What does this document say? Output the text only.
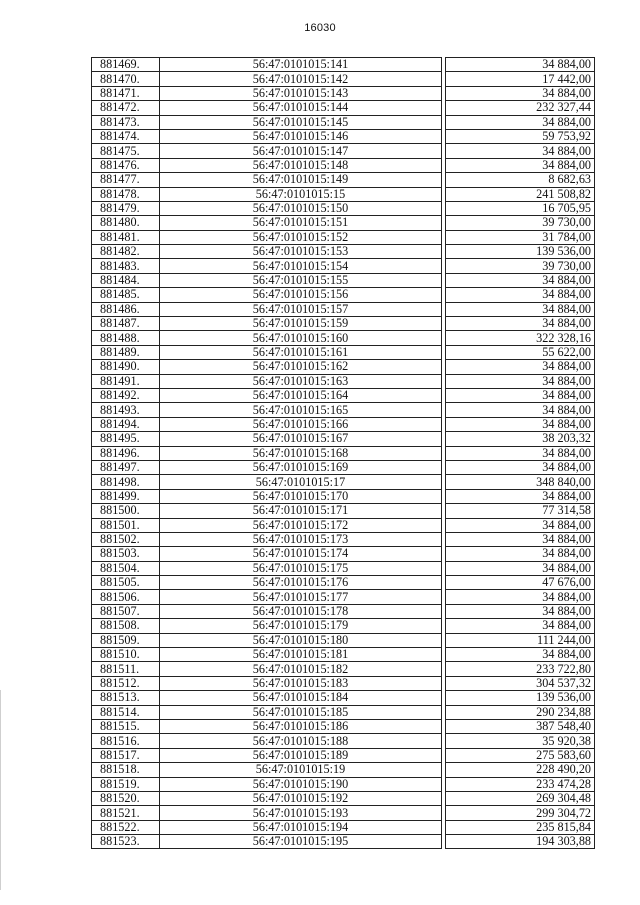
16030
881469.	56:47:0101015:141		34 884,00
881470.	56:47:0101015:142		17 442,00
881471.	56:47:0101015:143		34 884,00
881472.	56:47:0101015:144		232 327,44
881473.	56:47:0101015:145		34 884,00
881474.	56:47:0101015:146		59 753,92
881475.	56:47:0101015:147		34 884,00
881476.	56:47:0101015:148		34 884,00
881477.	56:47:0101015:149		8 682,63
881478.	56:47:0101015:15		241 508,82
881479.	56:47:0101015:150		16 705,95
881480.	56:47:0101015:151		39 730,00
881481.	56:47:0101015:152		31 784,00
881482.	56:47:0101015:153		139 536,00
881483.	56:47:0101015:154		39 730,00
881484.	56:47:0101015:155		34 884,00
881485.	56:47:0101015:156		34 884,00
881486.	56:47:0101015:157		34 884,00
881487.	56:47:0101015:159		34 884,00
881488.	56:47:0101015:160		322 328,16
881489.	56:47:0101015:161		55 622,00
881490.	56:47:0101015:162		34 884,00
881491.	56:47:0101015:163		34 884,00
881492.	56:47:0101015:164		34 884,00
881493.	56:47:0101015:165		34 884,00
881494.	56:47:0101015:166		34 884,00
881495.	56:47:0101015:167		38 203,32
881496.	56:47:0101015:168		34 884,00
881497.	56:47:0101015:169		34 884,00
881498.	56:47:0101015:17		348 840,00
881499.	56:47:0101015:170		34 884,00
881500.	56:47:0101015:171		77 314,58
881501.	56:47:0101015:172		34 884,00
881502.	56:47:0101015:173		34 884,00
881503.	56:47:0101015:174		34 884,00
881504.	56:47:0101015:175		34 884,00
881505.	56:47:0101015:176		47 676,00
881506.	56:47:0101015:177		34 884,00
881507.	56:47:0101015:178		34 884,00
881508.	56:47:0101015:179		34 884,00
881509.	56:47:0101015:180		111 244,00
881510.	56:47:0101015:181		34 884,00
881511.	56:47:0101015:182		233 722,80
881512.	56:47:0101015:183		304 537,32
881513.	56:47:0101015:184		139 536,00
881514.	56:47:0101015:185		290 234,88
881515.	56:47:0101015:186		387 548,40
881516.	56:47:0101015:188		35 920,38
881517.	56:47:0101015:189		275 583,60
881518.	56:47:0101015:19		228 490,20
881519.	56:47:0101015:190		233 474,28
881520.	56:47:0101015:192		269 304,48
881521.	56:47:0101015:193		299 304,72
881522.	56:47:0101015:194		235 815,84
881523.	56:47:0101015:195		194 303,88
